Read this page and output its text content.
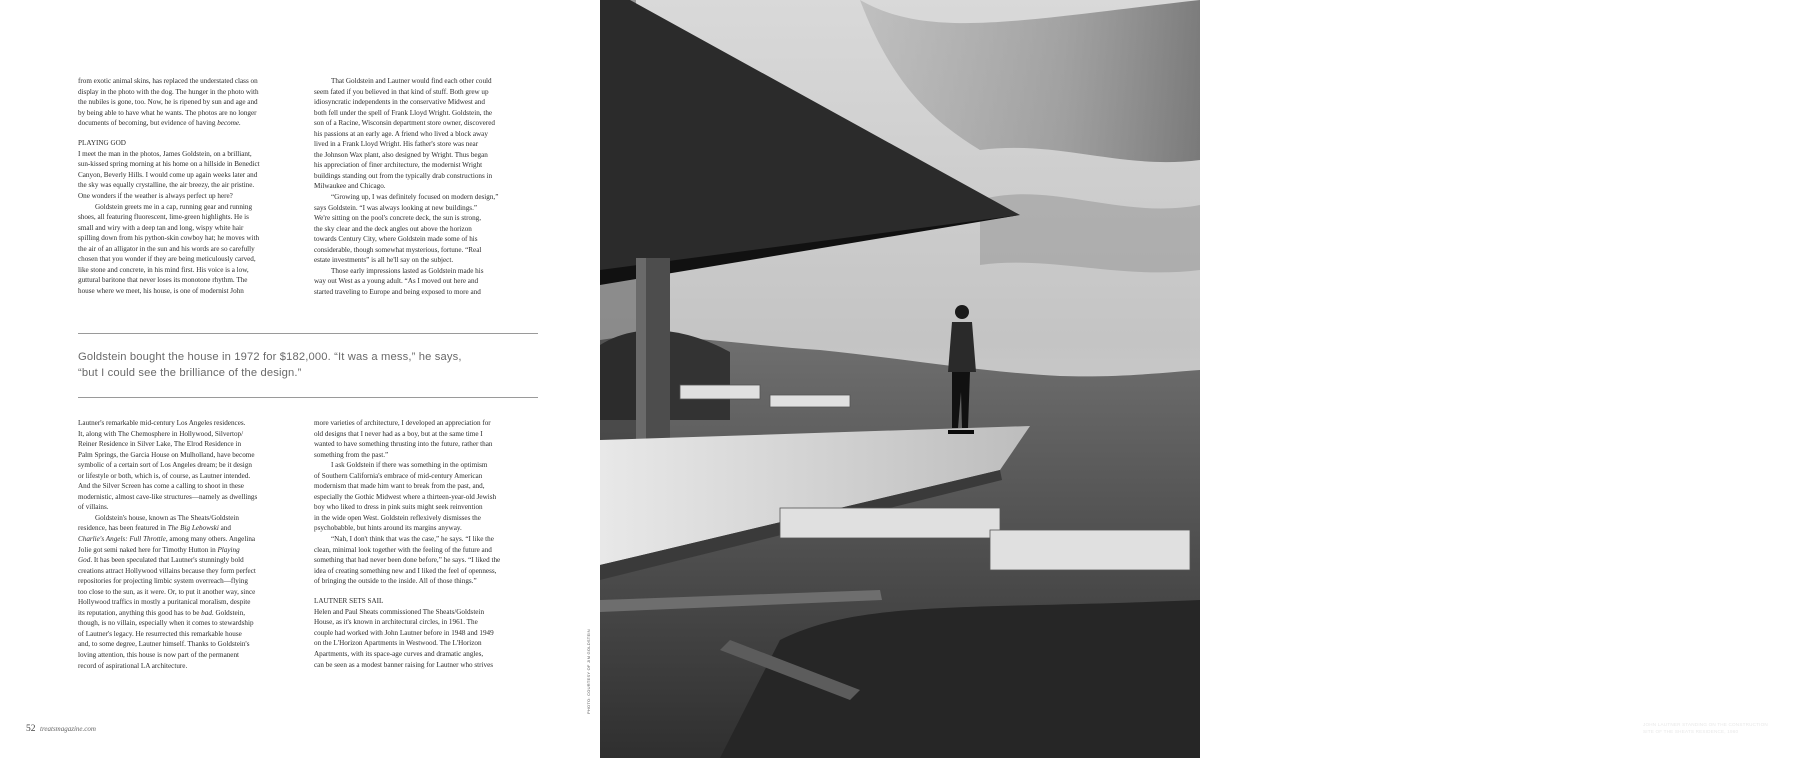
from exotic animal skins, has replaced the understated class on

display in the photo with the dog. The hunger in the photo with

the nubiles is gone, too. Now, he is ripened by sun and age and

by being able to have what he wants. The photos are no longer

documents of becoming, but evidence of having become.

PLAYING GOD

I meet the man in the photos, James Goldstein, on a brilliant,

sun-kissed spring morning at his home on a hillside in Benedict

Canyon, Beverly Hills. I would come up again weeks later and

the sky was equally crystalline, the air breezy, the air pristine.

One wonders if the weather is always perfect up here?

Goldstein greets me in a cap, running gear and running

shoes, all featuring fluorescent, lime-green highlights. He is

small and wiry with a deep tan and long, wispy white hair

spilling down from his python-skin cowboy hat; he moves with

the air of an alligator in the sun and his words are so carefully

chosen that you wonder if they are being meticulously carved,

like stone and concrete, in his mind first. His voice is a low,

guttural baritone that never loses its monotone rhythm. The

house where we meet, his house, is one of modernist John

That Goldstein and Lautner would find each other could

seem fated if you believed in that kind of stuff. Both grew up

idiosyncratic independents in the conservative Midwest and

both fell under the spell of Frank Lloyd Wright. Goldstein, the

son of a Racine, Wisconsin department store owner, discovered

his passions at an early age. A friend who lived a block away

lived in a Frank Lloyd Wright. His father's store was near

the Johnson Wax plant, also designed by Wright. Thus began

his appreciation of finer architecture, the modernist Wright

buildings standing out from the typically drab constructions in

Milwaukee and Chicago.

“Growing up, I was definitely focused on modern design,”

says Goldstein. “I was always looking at new buildings.”

We're sitting on the pool's concrete deck, the sun is strong,

the sky clear and the deck angles out above the horizon

towards Century City, where Goldstein made some of his

considerable, though somewhat mysterious, fortune. “Real

estate investments” is all he'll say on the subject.

Those early impressions lasted as Goldstein made his

way out West as a young adult. “As I moved out here and

started traveling to Europe and being exposed to more and

Goldstein bought the house in 1972 for $182,000. “It was a mess,” he says,
“but I could see the brilliance of the design.”

Lautner's remarkable mid-century Los Angeles residences.

It, along with The Chemosphere in Hollywood, Silvertop/

Reiner Residence in Silver Lake, The Elrod Residence in

Palm Springs, the Garcia House on Mulholland, have become

symbolic of a certain sort of Los Angeles dream; be it design

or lifestyle or both, which is, of course, as Lautner intended.

And the Silver Screen has come a calling to shoot in these

modernistic, almost cave-like structures—namely as dwellings

of villains.

Goldstein's house, known as The Sheats/Goldstein

residence, has been featured in The Big Lebowski and

Charlie's Angels: Full Throttle, among many others. Angelina

Jolie got semi naked here for Timothy Hutton in Playing

God. It has been speculated that Lautner's stunningly bold

creations attract Hollywood villains because they form perfect

repositories for projecting limbic system overreach—flying

too close to the sun, as it were. Or, to put it another way, since

Hollywood traffics in mostly a puritanical moralism, despite

its reputation, anything this good has to be bad. Goldstein,

though, is no villain, especially when it comes to stewardship

of Lautner's legacy. He resurrected this remarkable house

and, to some degree, Lautner himself. Thanks to Goldstein's

loving attention, this house is now part of the permanent

record of aspirational LA architecture.

more varieties of architecture, I developed an appreciation for

old designs that I never had as a boy, but at the same time I

wanted to have something thrusting into the future, rather than

something from the past.”

I ask Goldstein if there was something in the optimism

of Southern California's embrace of mid-century American

modernism that made him want to break from the past, and,

especially the Gothic Midwest where a thirteen-year-old Jewish

boy who liked to dress in pink suits might seek reinvention

in the wide open West. Goldstein reflexively dismisses the

psychobabble, but hints around its margins anyway.

“Nah, I don't think that was the case,” he says. “I like the

clean, minimal look together with the feeling of the future and

something that had never been done before,” he says. “I liked the

idea of creating something new and I liked the feel of openness,

of bringing the outside to the inside. All of those things.”

LAUTNER SETS SAIL

Helen and Paul Sheats commissioned The Sheats/Goldstein

House, as it's known in architectural circles, in 1961. The

couple had worked with John Lautner before in 1948 and 1949

on the L'Horizon Apartments in Westwood. The L'Horizon

Apartments, with its space-age curves and dramatic angles,

can be seen as a modest banner raising for Lautner who strives

52 treatsmagazine.com
PHOTO: COURTESY OF JIM GOLDSTEIN
JOHN LAUTNER STANDING ON THE CONSTRUCTION
SITE OF THE SHEATS RESIDENCE, 1960
